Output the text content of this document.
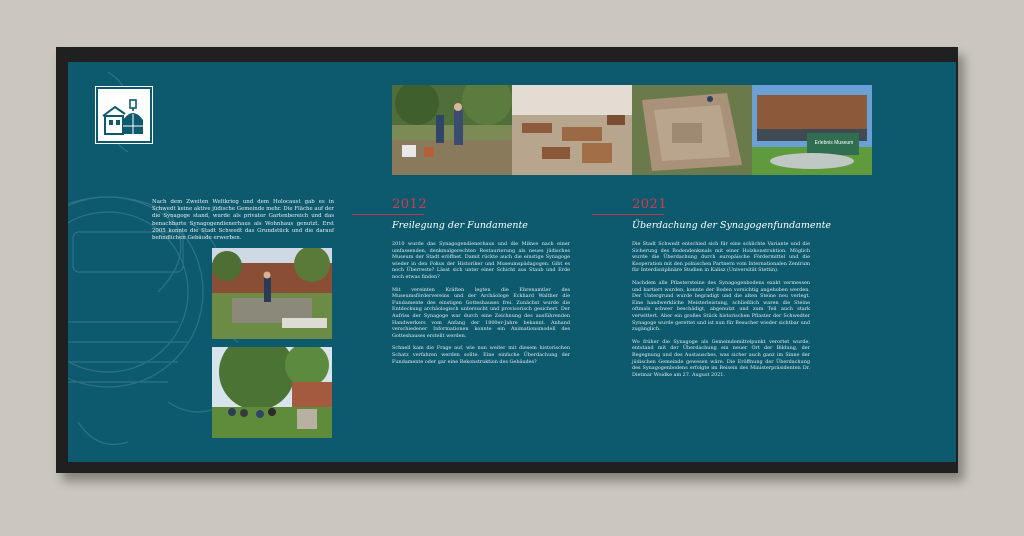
Nach dem Zweiten Weltkrieg und dem Holocaust gab es in Schwedt keine aktive jüdische Gemeinde mehr. Die Fläche auf der die Synagoge stand, wurde als privater Gartenbereich und das benachbarte Synagogendienerhaus als Wohnhaus genutzt. Erst 2005 konnte die Stadt Schwedt das Grundstück und die darauf befindlichen Gebäude erwerben.
Erlebnis Museum
2012
Freilegung der Fundamente

2010 wurde das Synagogendienerhaus und die Mikwe nach einer umfassenden, denkmalgerechten Restaurierung als neues jüdisches Museum der Stadt eröffnet. Damit rückte auch die einstige Synagoge wieder in den Fokus der Historiker und Museumspädagogen. Gibt es noch Überreste? Lässt sich unter einer Schicht aus Staub und Erde noch etwas finden?

Mit vereinten Kräften legten die Ehrenamtler des Museumsfördervereins und der Archäologe Eckhard Walther die Fundamente des einstigen Gotteshauses frei. Zunächst wurde die Entdeckung archäologisch untersucht und provisorisch gesichert. Der Aufriss der Synagoge war durch eine Zeichnung des ausführenden Handwerkers vom Anfang der 1800er-Jahre bekannt. Anhand verschiedener Informationen konnte ein Animationsmodell des Gotteshauses erstellt werden.

Schnell kam die Frage auf, wie nun weiter mit diesem historischen Schatz verfahren werden sollte. Eine einfache Überdachung der Fundamente oder gar eine Rekonstruktion des Gebäudes?

2021
Überdachung der Synagogenfundamente

Die Stadt Schwedt entschied sich für eine schlichte Variante und die Sicherung des Bodendenkmals mit einer Holzkonstruktion. Möglich wurde die Überdachung durch europäische Fördermittel und die Kooperation mit den polnischen Partnern vom Internationalen Zentrum für Interdisziplinäre Studien in Kalisz (Universität Stettin).

Nachdem alle Pflastersteine des Synagogenbodens exakt vermessen und kartiert wurden, konnte der Boden vorsichtig angehoben werden. Der Untergrund wurde begradigt und die alten Steine neu verlegt. Eine handwerkliche Meisterleistung, schließlich waren die Steine oftmals schwer beschädigt, abgenutzt und zum Teil auch stark verwittert. Aber ein großes Stück historischen Pflaster der Schwedter Synagoge wurde gerettet und ist nun für Besucher wieder sichtbar und zugänglich.

Wo früher die Synagoge als Gemeindemittelpunkt verortet wurde, entstand mit der Überdachung ein neuer Ort der Bildung, der Begegnung und des Austausches, was sicher auch ganz im Sinne der jüdischen Gemeinde gewesen wäre. Die Eröffnung der Überdachung des Synagogenbodens erfolgte im Beisein des Ministerpräsidenten Dr. Dietmar Woidke am 27. August 2021.
